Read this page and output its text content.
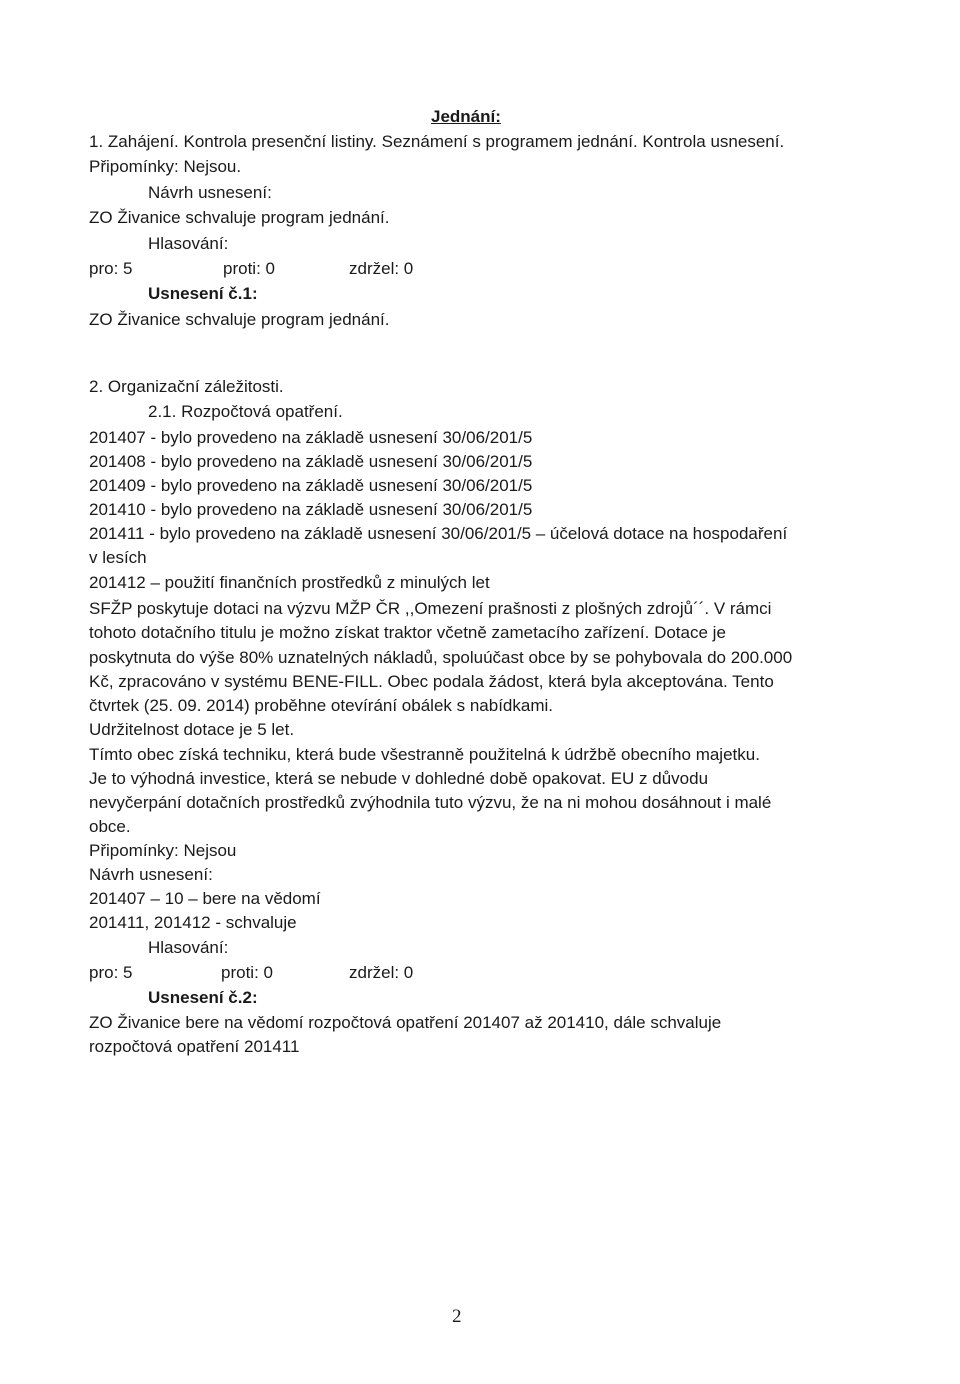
Jednání:
1. Zahájení. Kontrola presenční listiny. Seznámení s programem jednání. Kontrola usnesení.
Připomínky: Nejsou.
Návrh usnesení:
ZO Živanice schvaluje program jednání.
Hlasování:
pro: 5	proti: 0	zdržel: 0
Usnesení č.1:
ZO Živanice schvaluje program jednání.
2. Organizační záležitosti.
2.1. Rozpočtová opatření.
201407 - bylo provedeno na základě usnesení 30/06/201/5
201408 - bylo provedeno na základě usnesení 30/06/201/5
201409 - bylo provedeno na základě usnesení 30/06/201/5
201410 - bylo provedeno na základě usnesení 30/06/201/5
201411 - bylo provedeno na základě usnesení 30/06/201/5 – účelová dotace na hospodaření
v lesích
201412 – použití finančních prostředků z minulých let
SFŽP poskytuje dotaci na výzvu MŽP ČR ,,Omezení prašnosti z plošných zdrojů´´. V rámci
tohoto dotačního titulu je možno získat traktor včetně zametacího zařízení. Dotace je
poskytnuta do výše 80% uznatelných nákladů, spoluúčast obce by se pohybovala do 200.000
Kč, zpracováno v systému BENE-FILL. Obec podala žádost, která byla akceptována. Tento
čtvrtek (25. 09. 2014) proběhne otevírání obálek s nabídkami.
Udržitelnost dotace je 5 let.
Tímto obec získá techniku, která bude všestranně použitelná k údržbě obecního majetku.
Je to výhodná investice, která se nebude v dohledné době opakovat. EU z důvodu
nevyčerpání dotačních prostředků zvýhodnila tuto výzvu, že na ni mohou dosáhnout i malé
obce.
Připomínky: Nejsou
Návrh usnesení:
201407 – 10 – bere na vědomí
201411, 201412 - schvaluje
Hlasování:
pro: 5	proti: 0	zdržel: 0
Usnesení č.2:
ZO Živanice bere na vědomí rozpočtová opatření 201407 až 201410, dále schvaluje
rozpočtová opatření 201411
2
